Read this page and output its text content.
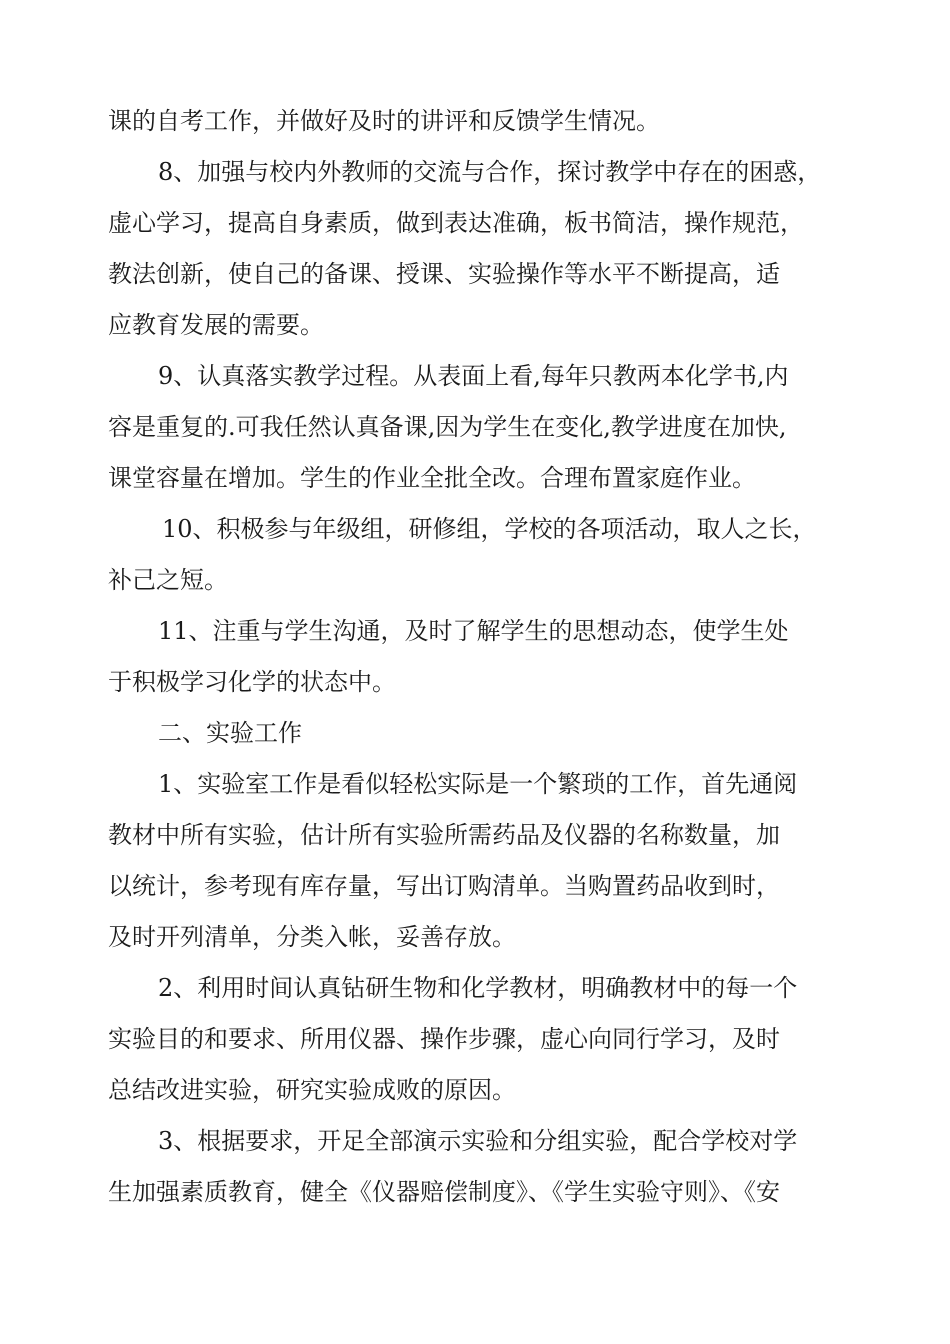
课的自考工作，并做好及时的讲评和反馈学生情况。
8、加强与校内外教师的交流与合作，探讨教学中存在的困惑，
虚心学习，提高自身素质，做到表达准确，板书简洁，操作规范，
教法创新，使自己的备课、授课、实验操作等水平不断提高，适
应教育发展的需要。
9、认真落实教学过程。从表面上看,每年只教两本化学书,内
容是重复的.可我任然认真备课,因为学生在变化,教学进度在加快,
课堂容量在增加。学生的作业全批全改。合理布置家庭作业。
10、积极参与年级组，研修组，学校的各项活动，取人之长，
补己之短。
11、注重与学生沟通，及时了解学生的思想动态，使学生处
于积极学习化学的状态中。
二、实验工作
1、实验室工作是看似轻松实际是一个繁琐的工作，首先通阅
教材中所有实验，估计所有实验所需药品及仪器的名称数量，加
以统计，参考现有库存量，写出订购清单。当购置药品收到时，
及时开列清单，分类入帐，妥善存放。
2、利用时间认真钻研生物和化学教材，明确教材中的每一个
实验目的和要求、所用仪器、操作步骤，虚心向同行学习，及时
总结改进实验，研究实验成败的原因。
3、根据要求，开足全部演示实验和分组实验，配合学校对学
生加强素质教育，健全《仪器赔偿制度》、《学生实验守则》、《安
